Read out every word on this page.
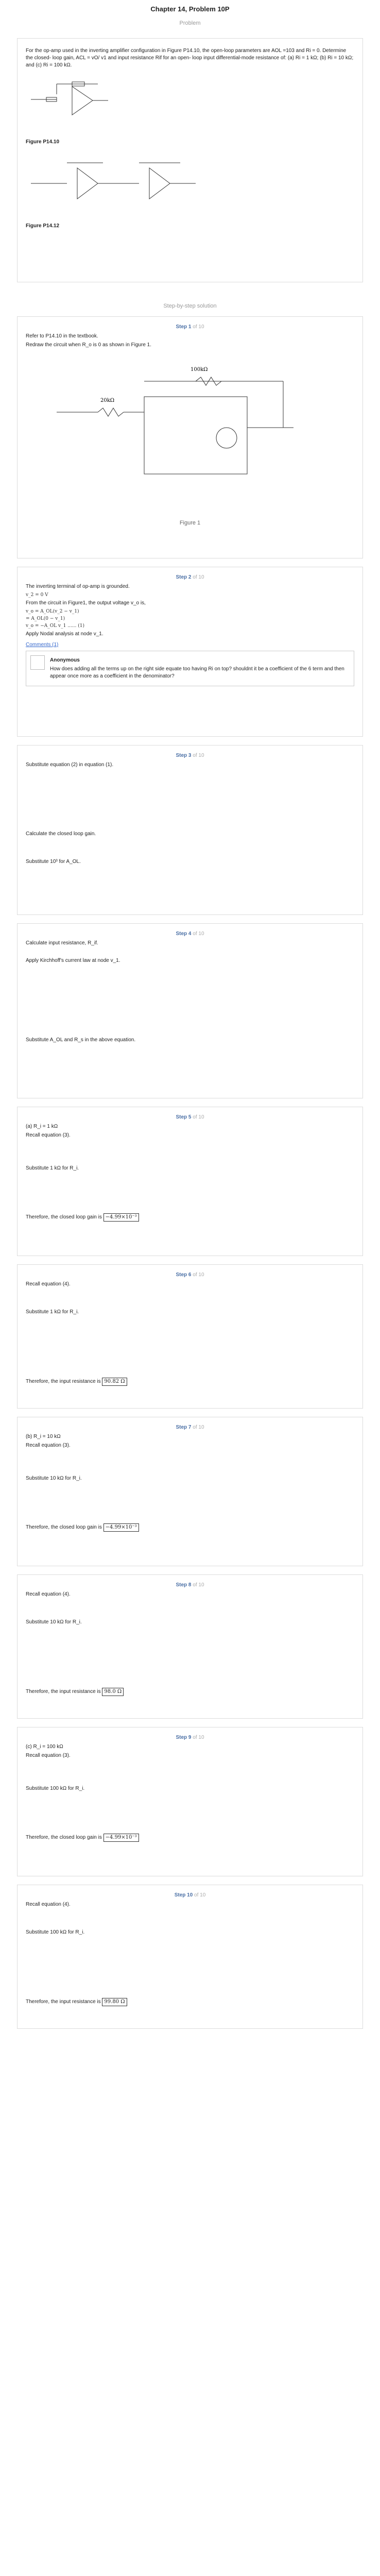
Chapter 14, Problem 10P
Problem
For the op-amp used in the inverting amplifier configuration in Figure P14.10, the open-loop parameters are AOL =103 and Ri = 0. Determine the closed- loop gain, ACL = vO/ v1 and input resistance Rif for an open- loop input differential-mode resistance of: (a) Ri = 1 kΩ; (b) Ri = 10 kΩ; and (c) Ri = 100 kΩ.
Figure P14.10
Figure P14.12
Step-by-step solution
Step 1 of 10
Refer to P14.10 in the textbook.
Redraw the circuit when R_o is 0 as shown in Figure 1.
100kΩ
20kΩ
Figure 1
Step 2 of 10
The inverting terminal of op-amp is grounded.
v_2 = 0 V
From the circuit in Figure1, the output voltage v_o is,
v_o = A_OL(v_2 − v_1)
= A_OL(0 − v_1)
v_o = −A_OL v_1 ...... (1)
Apply Nodal analysis at node v_1.
Comments (1)
Anonymous
How does adding all the terms up on the right side equate too having Ri on top? shouldnt it be a coefficient of the 6 term and then appear once more as a coefficient in the denominator?
Step 3 of 10
Substitute equation (2) in equation (1).
Calculate the closed loop gain.
Substitute 10³ for A_OL.
Step 4 of 10
Calculate input resistance, R_if.
Apply Kirchhoff's current law at node v_1.
Substitute A_OL and R_s in the above equation.
Step 5 of 10
(a) R_i = 1 kΩ
Recall equation (3).
Substitute 1 kΩ for R_i.
Therefore, the closed loop gain is −4.99×10⁻³
Step 6 of 10
Recall equation (4).
Substitute 1 kΩ for R_i.
Therefore, the input resistance is 90.82 Ω
Step 7 of 10
(b) R_i = 10 kΩ
Recall equation (3).
Substitute 10 kΩ for R_i.
Therefore, the closed loop gain is −4.99×10⁻³
Step 8 of 10
Recall equation (4).
Substitute 10 kΩ for R_i.
Therefore, the input resistance is 98.0 Ω
Step 9 of 10
(c) R_i = 100 kΩ
Recall equation (3).
Substitute 100 kΩ for R_i.
Therefore, the closed loop gain is −4.99×10⁻³
Step 10 of 10
Recall equation (4).
Substitute 100 kΩ for R_i.
Therefore, the input resistance is 99.80 Ω
